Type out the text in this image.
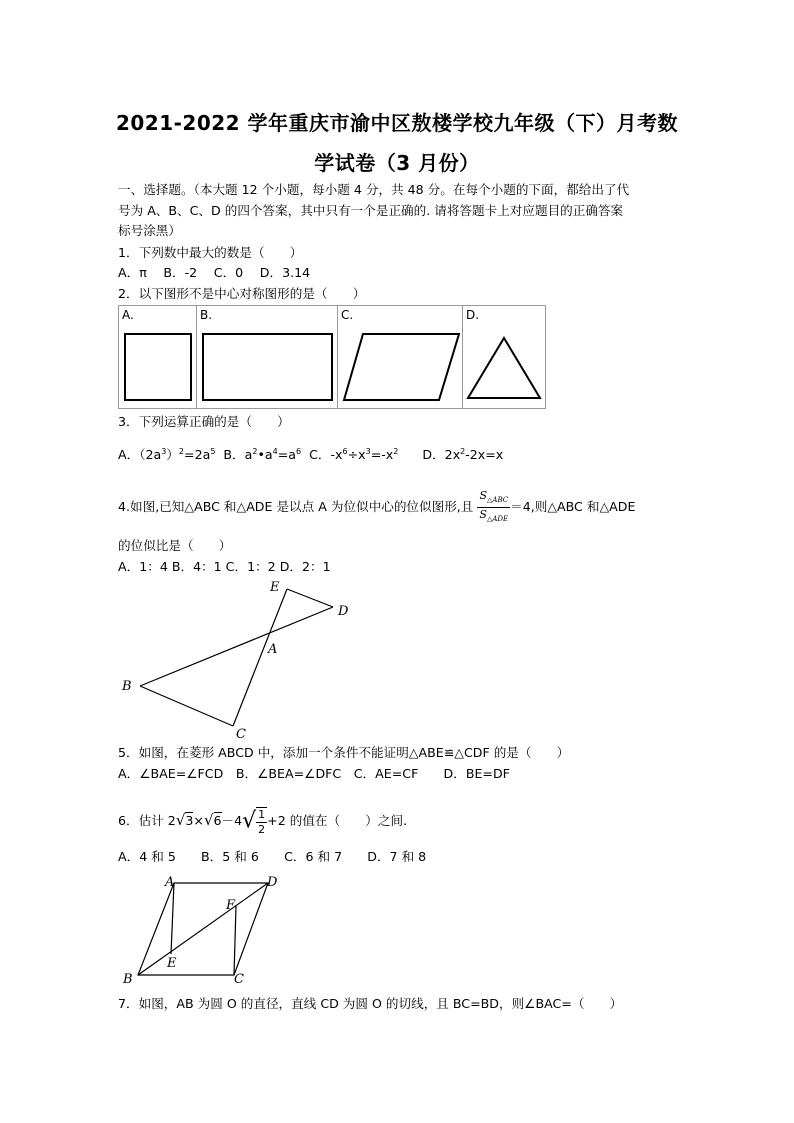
2021-2022 学年重庆市渝中区敖楼学校九年级（下）月考数
学试卷（3 月份）
一、选择题。（本大题 12 个小题，每小题 4 分，共 48 分。在每个小题的下面，都给出了代
号为 A、B、C、D 的四个答案，其中只有一个是正确的. 请将答题卡上对应题目的正确答案
标号涂黑）
1．下列数中最大的数是（　　）
A．π　 B．-2　 C．0　 D．3.14
2．以下图形不是中心对称图形的是（　　）
A.	B.	C.	D.
3．下列运算正确的是（　　）
A．$(2a^3)^2=2a^5$ B．$a^2•a^4=a^6$ C．$-x^6\div x^3=-x^2$ D．$2x^2-2x=x$
4.如图,已知△ABC 和△ADE 是以点 A 为位似中心的位似图形,且 $\frac{S_{\triangle ABC}}{S_{\triangle ADE}} =4$,则△ABC 和△ADE
的位似比是（　　）
A．1：4 B．4：1 C．1：2 D．2：1
E
D
A
B
C
5．如图，在菱形 ABCD 中，添加一个条件不能证明△ABE≌△CDF 的是（　　）
A．∠BAE=∠FCD　B．∠BEA=∠DFC　C．AE=CF　　D．BE=DF
6．估计 $2√3\times√6-4√ \frac{1}{2} +2$ 的值在（　　）之间.
A．4 和 5　　B．5 和 6　　C．6 和 7　　D．7 和 8
A	D
F
E
B	C
7．如图，AB 为圆 O 的直径，直线 CD 为圆 O 的切线，且 BC=BD，则∠BAC=（　　）
